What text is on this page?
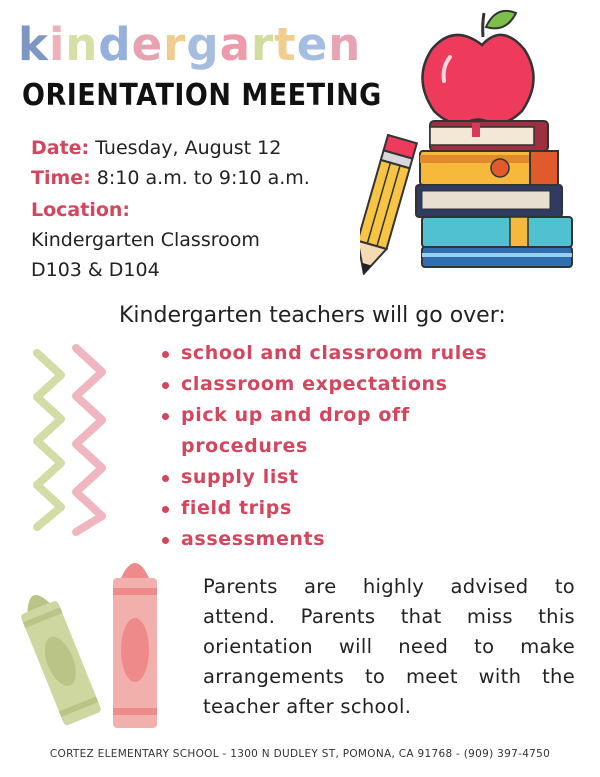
kindergarten
ORIENTATION MEETING
Date: Tuesday, August 12
Time: 8:10 a.m. to 9:10 a.m.
Location:
Kindergarten Classroom
D103 & D104
Kindergarten teachers will go over:
school and classroom rules
classroom expectations
pick up and drop off procedures
supply list
field trips
assessments
Parents are highly advised to
attend. Parents that miss this
orientation will need to make
arrangements to meet with the
teacher after school.
CORTEZ ELEMENTARY SCHOOL - 1300 N DUDLEY ST, POMONA, CA 91768 - (909) 397-4750
